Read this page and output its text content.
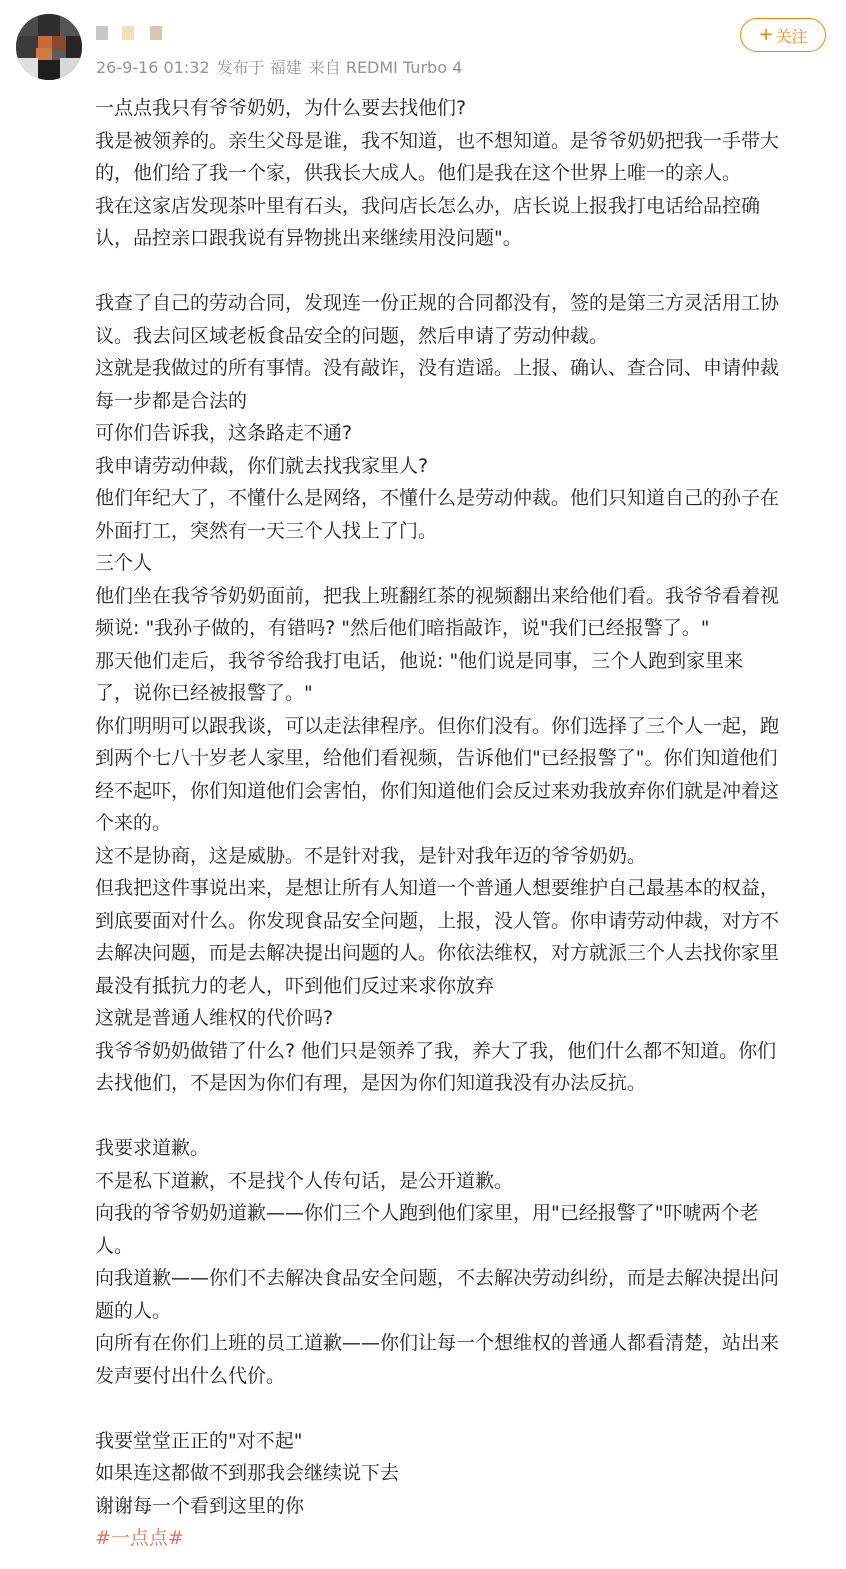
26-9-16 01:32 发布于 福建 来自 REDMI Turbo 4
+ 关注
一点点我只有爷爷奶奶，为什么要去找他们?
我是被领养的。亲生父母是谁，我不知道，也不想知道。是爷爷奶奶把我一手带大
的，他们给了我一个家，供我长大成人。他们是我在这个世界上唯一的亲人。
我在这家店发现茶叶里有石头，我问店长怎么办，店长说上报我打电话给品控确
认，品控亲口跟我说有异物挑出来继续用没问题"。
我查了自己的劳动合同，发现连一份正规的合同都没有，签的是第三方灵活用工协
议。我去问区域老板食品安全的问题，然后申请了劳动仲裁。
这就是我做过的所有事情。没有敲诈，没有造谣。上报、确认、查合同、申请仲裁
每一步都是合法的
可你们告诉我，这条路走不通?
我申请劳动仲裁，你们就去找我家里人?
他们年纪大了，不懂什么是网络，不懂什么是劳动仲裁。他们只知道自己的孙子在
外面打工，突然有一天三个人找上了门。
三个人
他们坐在我爷爷奶奶面前，把我上班翻红茶的视频翻出来给他们看。我爷爷看着视
频说: "我孙子做的，有错吗? "然后他们暗指敲诈，说"我们已经报警了。"
那天他们走后，我爷爷给我打电话，他说: "他们说是同事，三个人跑到家里来
了，说你已经被报警了。"
你们明明可以跟我谈，可以走法律程序。但你们没有。你们选择了三个人一起，跑
到两个七八十岁老人家里，给他们看视频，告诉他们"已经报警了"。你们知道他们
经不起吓，你们知道他们会害怕，你们知道他们会反过来劝我放弃你们就是冲着这
个来的。
这不是协商，这是威胁。不是针对我，是针对我年迈的爷爷奶奶。
但我把这件事说出来，是想让所有人知道一个普通人想要维护自己最基本的权益，
到底要面对什么。你发现食品安全问题，上报，没人管。你申请劳动仲裁，对方不
去解决问题，而是去解决提出问题的人。你依法维权，对方就派三个人去找你家里
最没有抵抗力的老人，吓到他们反过来求你放弃
这就是普通人维权的代价吗?
我爷爷奶奶做错了什么? 他们只是领养了我，养大了我，他们什么都不知道。你们
去找他们，不是因为你们有理，是因为你们知道我没有办法反抗。
我要求道歉。
不是私下道歉，不是找个人传句话，是公开道歉。
向我的爷爷奶奶道歉——你们三个人跑到他们家里，用"已经报警了"吓唬两个老
人。
向我道歉——你们不去解决食品安全问题，不去解决劳动纠纷，而是去解决提出问
题的人。
向所有在你们上班的员工道歉——你们让每一个想维权的普通人都看清楚，站出来
发声要付出什么代价。
我要堂堂正正的"对不起"
如果连这都做不到那我会继续说下去
谢谢每一个看到这里的你
#一点点#
